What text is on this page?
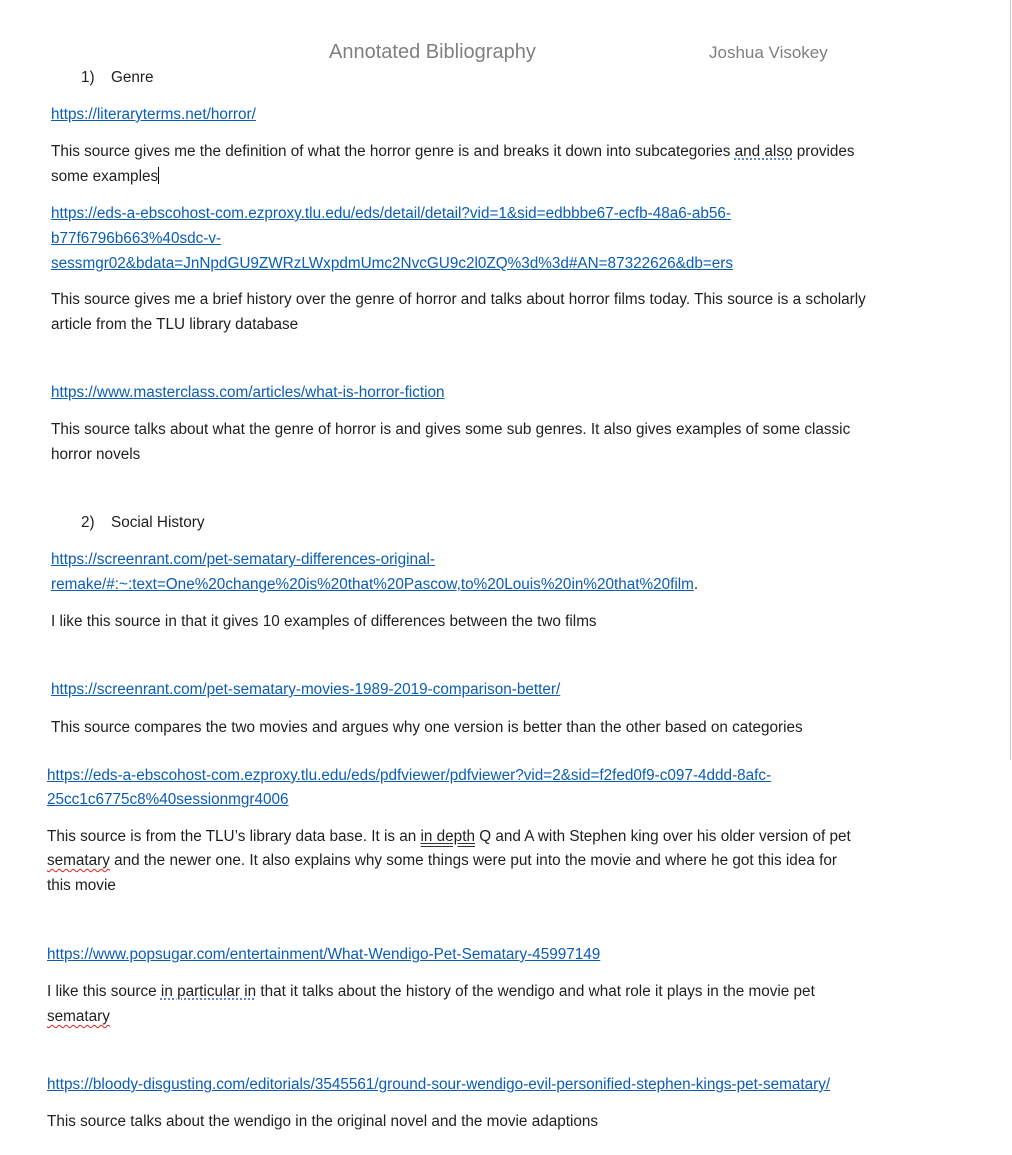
Annotated Bibliography	Joshua Visokey
1) Genre
https://literaryterms.net/horror/
This source gives me the definition of what the horror genre is and breaks it down into subcategories and also provides
some examples
https://eds-a-ebscohost-com.ezproxy.tlu.edu/eds/detail/detail?vid=1&sid=edbbbe67-ecfb-48a6-ab56-
b77f6796b663%40sdc-v-
sessmgr02&bdata=JnNpdGU9ZWRzLWxpdmUmc2NvcGU9c2l0ZQ%3d%3d#AN=87322626&db=ers
This source gives me a brief history over the genre of horror and talks about horror films today. This source is a scholarly
article from the TLU library database
https://www.masterclass.com/articles/what-is-horror-fiction
This source talks about what the genre of horror is and gives some sub genres. It also gives examples of some classic
horror novels
2) Social History
https://screenrant.com/pet-sematary-differences-original-
remake/#:~:text=One%20change%20is%20that%20Pascow,to%20Louis%20in%20that%20film.
I like this source in that it gives 10 examples of differences between the two films
https://screenrant.com/pet-sematary-movies-1989-2019-comparison-better/
This source compares the two movies and argues why one version is better than the other based on categories
https://eds-a-ebscohost-com.ezproxy.tlu.edu/eds/pdfviewer/pdfviewer?vid=2&sid=f2fed0f9-c097-4ddd-8afc-
25cc1c6775c8%40sessionmgr4006
This source is from the TLU’s library data base. It is an in depth Q and A with Stephen king over his older version of pet
sematary and the newer one. It also explains why some things were put into the movie and where he got this idea for
this movie
https://www.popsugar.com/entertainment/What-Wendigo-Pet-Sematary-45997149
I like this source in particular in that it talks about the history of the wendigo and what role it plays in the movie pet
sematary
https://bloody-disgusting.com/editorials/3545561/ground-sour-wendigo-evil-personified-stephen-kings-pet-sematary/
This source talks about the wendigo in the original novel and the movie adaptions
